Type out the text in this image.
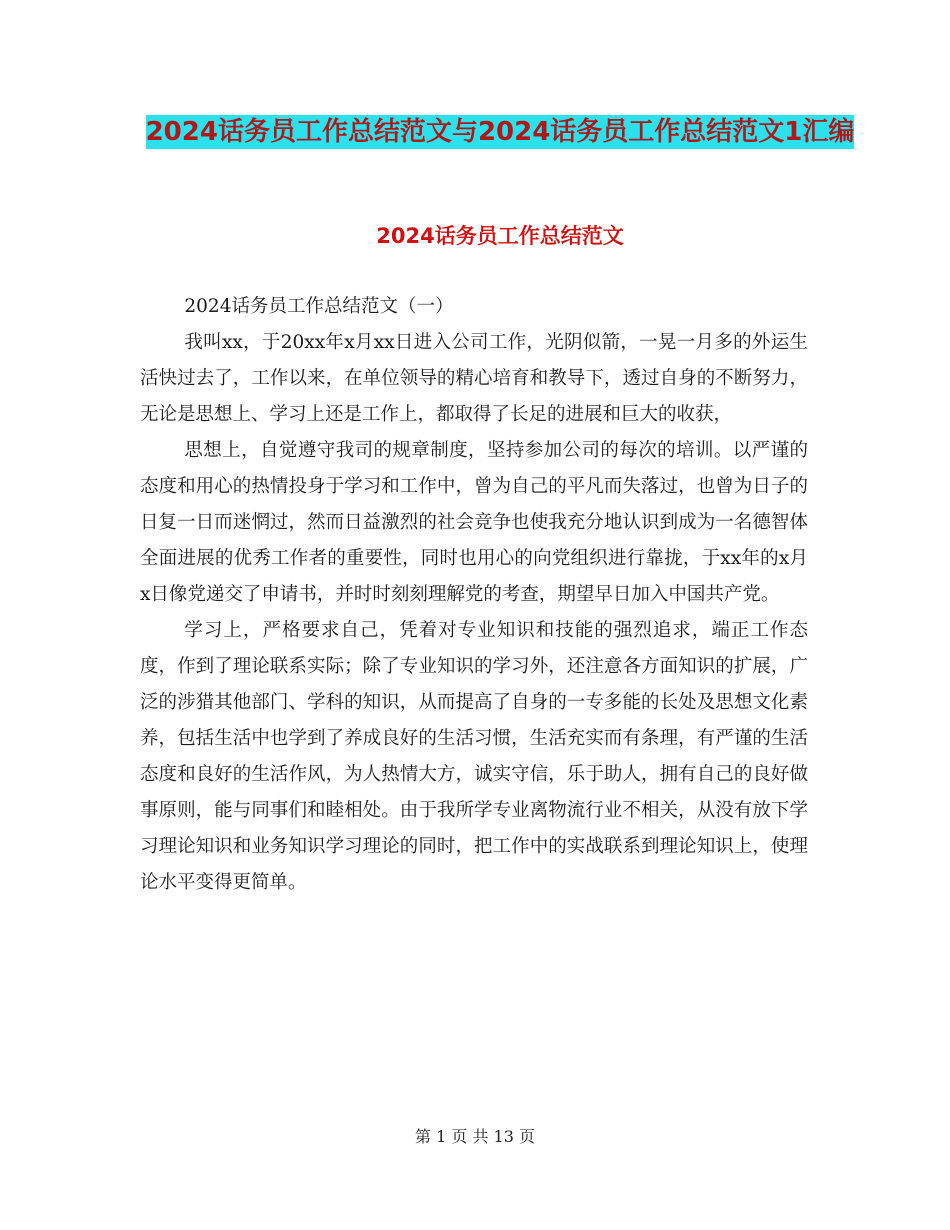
2024话务员工作总结范文与2024话务员工作总结范文1汇编
2024话务员工作总结范文

2024话务员工作总结范文（一）

我叫xx，于20xx年x月xx日进入公司工作，光阴似箭，一晃一月多的外运生活快过去了，工作以来，在单位领导的精心培育和教导下，透过自身的不断努力，无论是思想上、学习上还是工作上，都取得了长足的进展和巨大的收获，

思想上，自觉遵守我司的规章制度，坚持参加公司的每次的培训。以严谨的态度和用心的热情投身于学习和工作中，曾为自己的平凡而失落过，也曾为日子的日复一日而迷惘过，然而日益激烈的社会竞争也使我充分地认识到成为一名德智体全面进展的优秀工作者的重要性，同时也用心的向党组织进行靠拢，于xx年的x月x日像党递交了申请书，并时时刻刻理解党的考查，期望早日加入中国共产党。

学习上，严格要求自己，凭着对专业知识和技能的强烈追求，端正工作态度，作到了理论联系实际；除了专业知识的学习外，还注意各方面知识的扩展，广泛的涉猎其他部门、学科的知识，从而提高了自身的一专多能的长处及思想文化素养，包括生活中也学到了养成良好的生活习惯，生活充实而有条理，有严谨的生活态度和良好的生活作风，为人热情大方，诚实守信，乐于助人，拥有自己的良好做事原则，能与同事们和睦相处。由于我所学专业离物流行业不相关，从没有放下学习理论知识和业务知识学习理论的同时，把工作中的实战联系到理论知识上，使理论水平变得更简单。

第 1 页 共 13 页
